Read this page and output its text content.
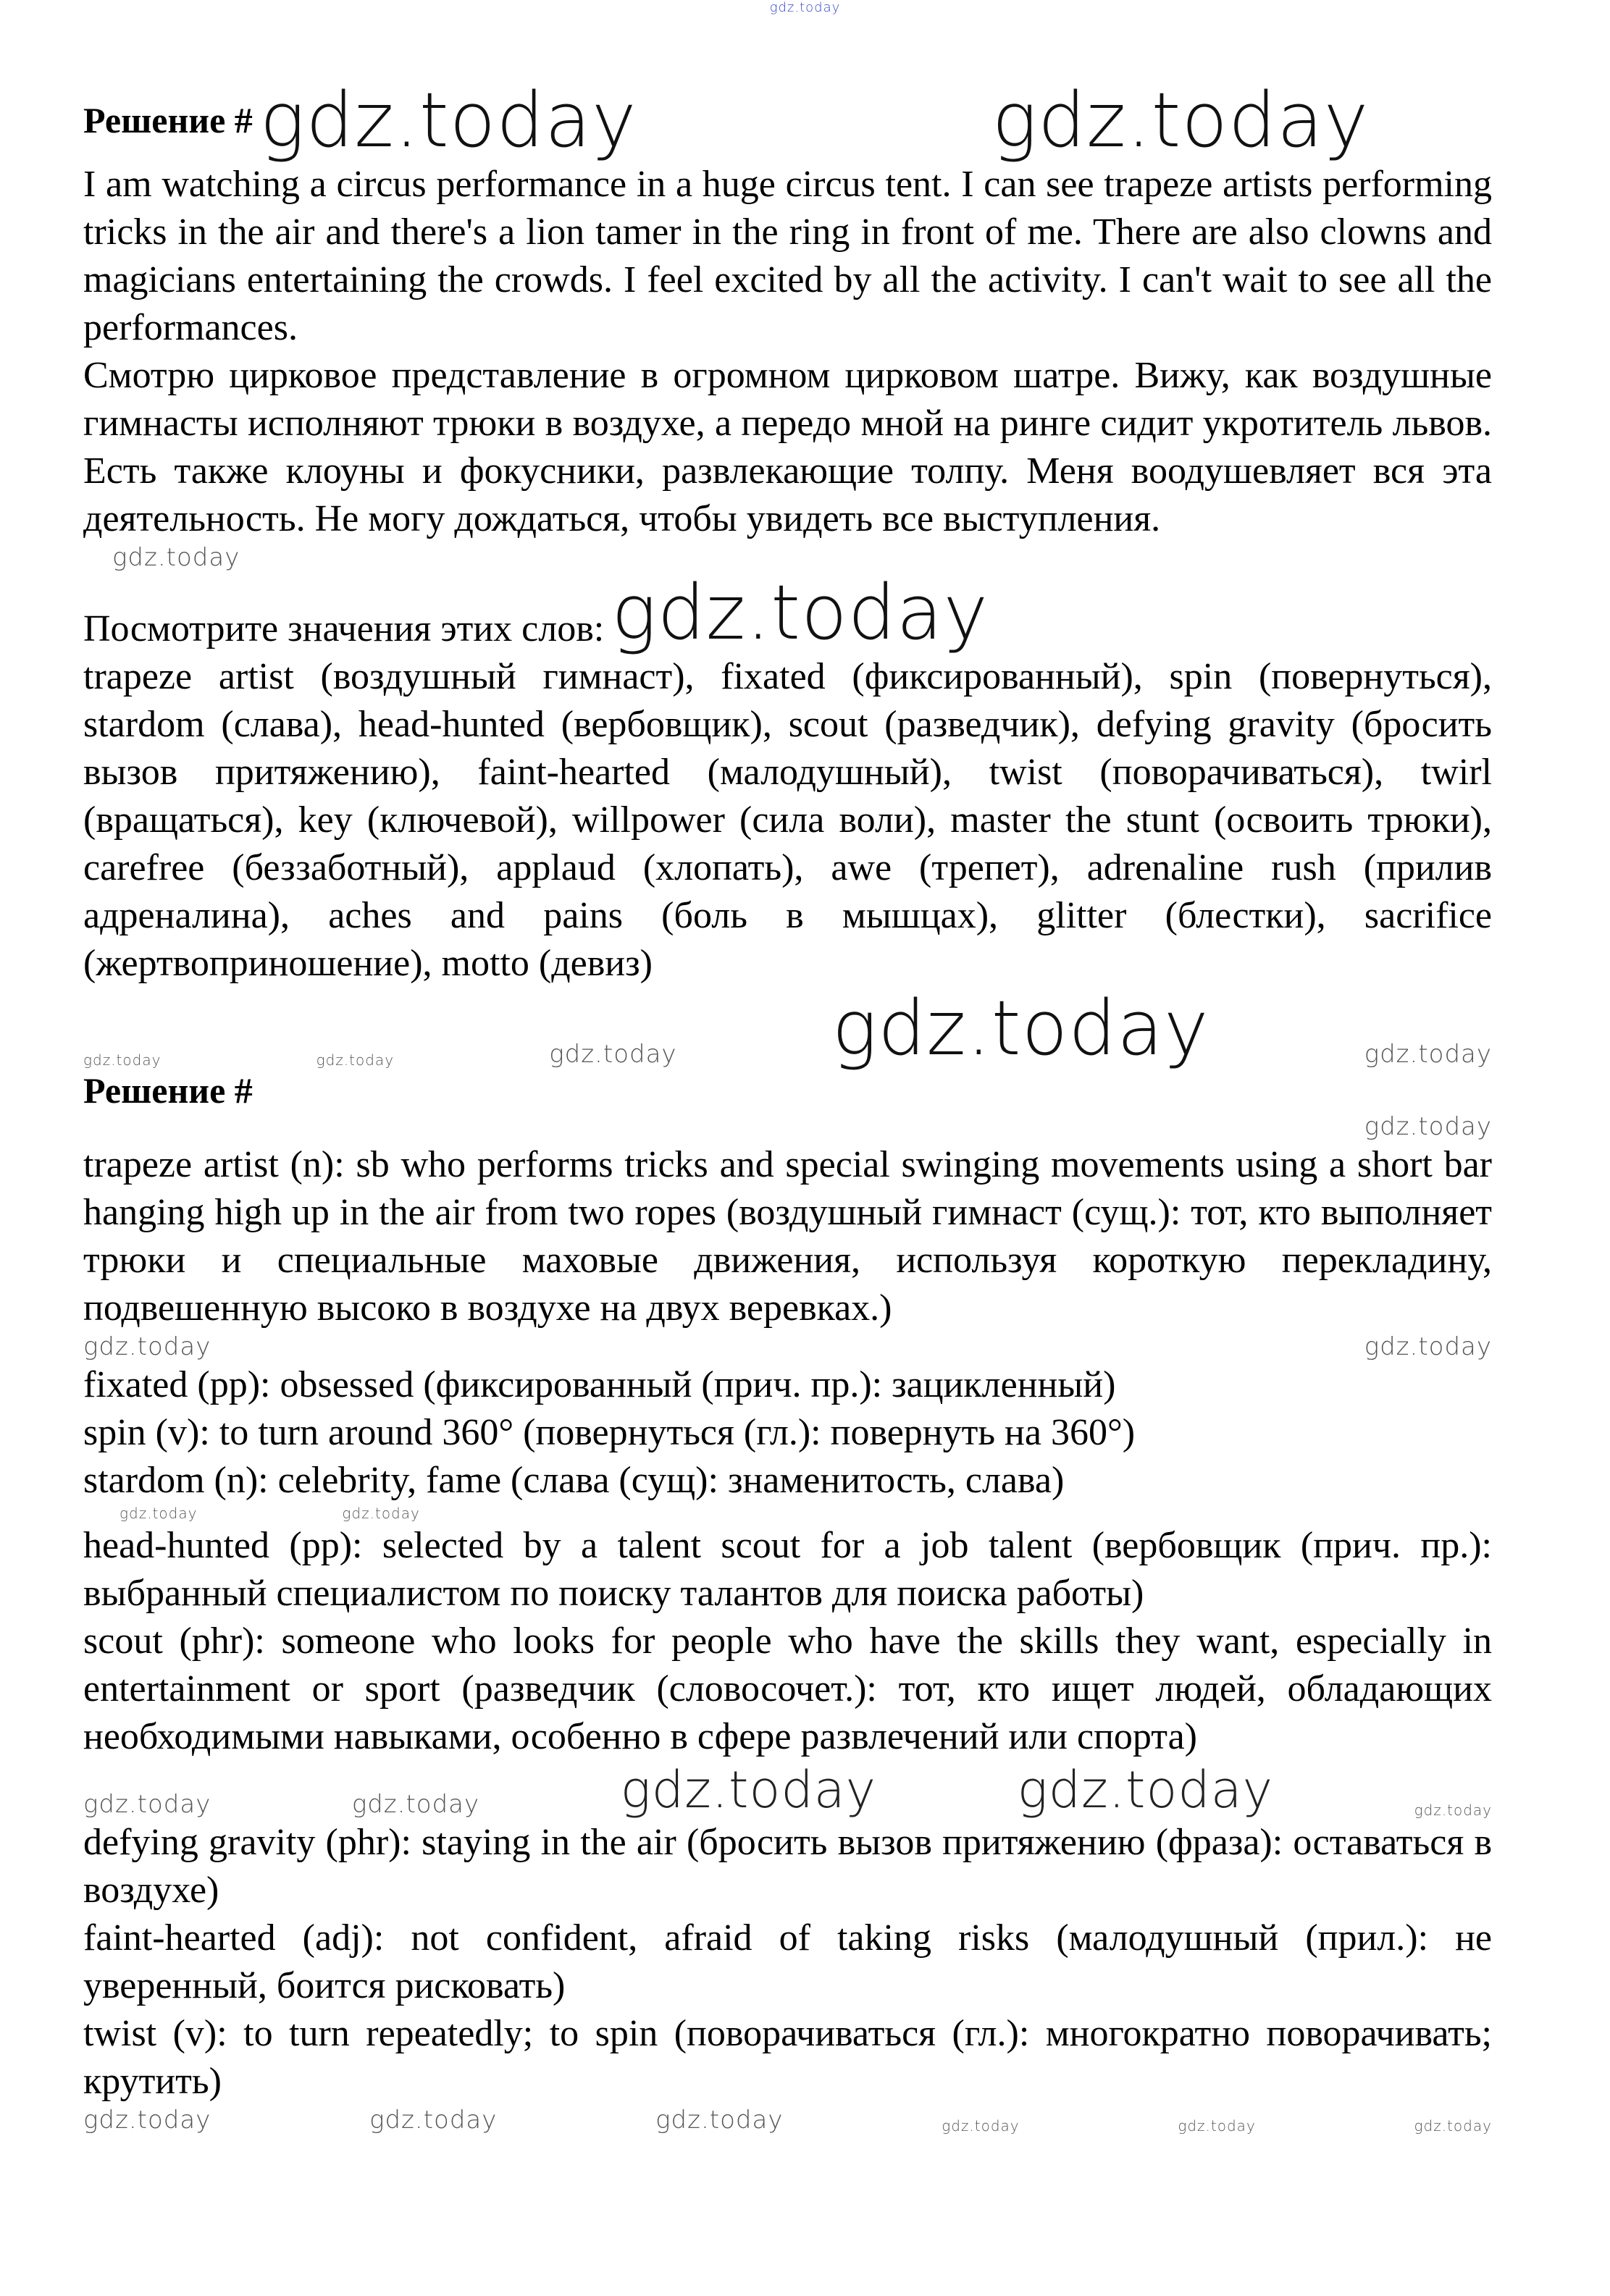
gdz.today
Решение # gdz.today	gdz.today

I am watching a circus performance in a huge circus tent. I can see trapeze artists performing tricks in the air and there's a lion tamer in the ring in front of me. There are also clowns and magicians entertaining the crowds. I feel excited by all the activity. I can't wait to see all the performances.

Смотрю цирковое представление в огромном цирковом шатре. Вижу, как воздушные гимнасты исполняют трюки в воздухе, а передо мной на ринге сидит укротитель львов. Есть также клоуны и фокусники, развлекающие толпу. Меня воодушевляет вся эта деятельность. Не могу дождаться, чтобы увидеть все выступления.

gdz.today
Посмотрите значения этих слов: gdz.today

trapeze artist (воздушный гимнаст), fixated (фиксированный), spin (повернуться), stardom (слава), head-hunted (вербовщик), scout (разведчик), defying gravity (бросить вызов притяжению), faint-hearted (малодушный), twist (поворачиваться), twirl (вращаться), key (ключевой), willpower (сила воли), master the stunt (освоить трюки), carefree (беззаботный), applaud (хлопать), awe (трепет), adrenaline rush (прилив адреналина), aches and pains (боль в мышцах), glitter (блестки), sacrifice (жертвоприношение), motto (девиз)

gdz.today	gdz.today	gdz.today gdz.today	gdz.today
Решение #
gdz.today

trapeze artist (n): sb who performs tricks and special swinging movements using a short bar hanging high up in the air from two ropes (воздушный гимнаст (сущ.): тот, кто выполняет трюки и специальные маховые движения, используя короткую перекладину, подвешенную высоко в воздухе на двух веревках.)

gdz.today	gdz.today

fixated (pp): obsessed (фиксированный (прич. пр.): зацикленный)

spin (v): to turn around 360° (повернуться (гл.): повернуть на 360°)

stardom (n): celebrity, fame (слава (сущ): знаменитость, слава)

gdz.today	gdz.today

head-hunted (pp): selected by a talent scout for a job talent (вербовщик (прич. пр.): выбранный специалистом по поиску талантов для поиска работы)

scout (phr): someone who looks for people who have the skills they want, especially in entertainment or sport (разведчик (словосочет.): тот, кто ищет людей, обладающих необходимыми навыками, особенно в сфере развлечений или спорта)

gdz.today	gdz.today	gdz.today	gdz.today	gdz.today

defying gravity (phr): staying in the air (бросить вызов притяжению (фраза): оставаться в воздухе)

faint-hearted (adj): not confident, afraid of taking risks (малодушный (прил.): не уверенный, боится рисковать)

twist (v): to turn repeatedly; to spin (поворачиваться (гл.): многократно поворачивать; крутить)

gdz.today	gdz.today	gdz.today	gdz.today	gdz.today	gdz.today
